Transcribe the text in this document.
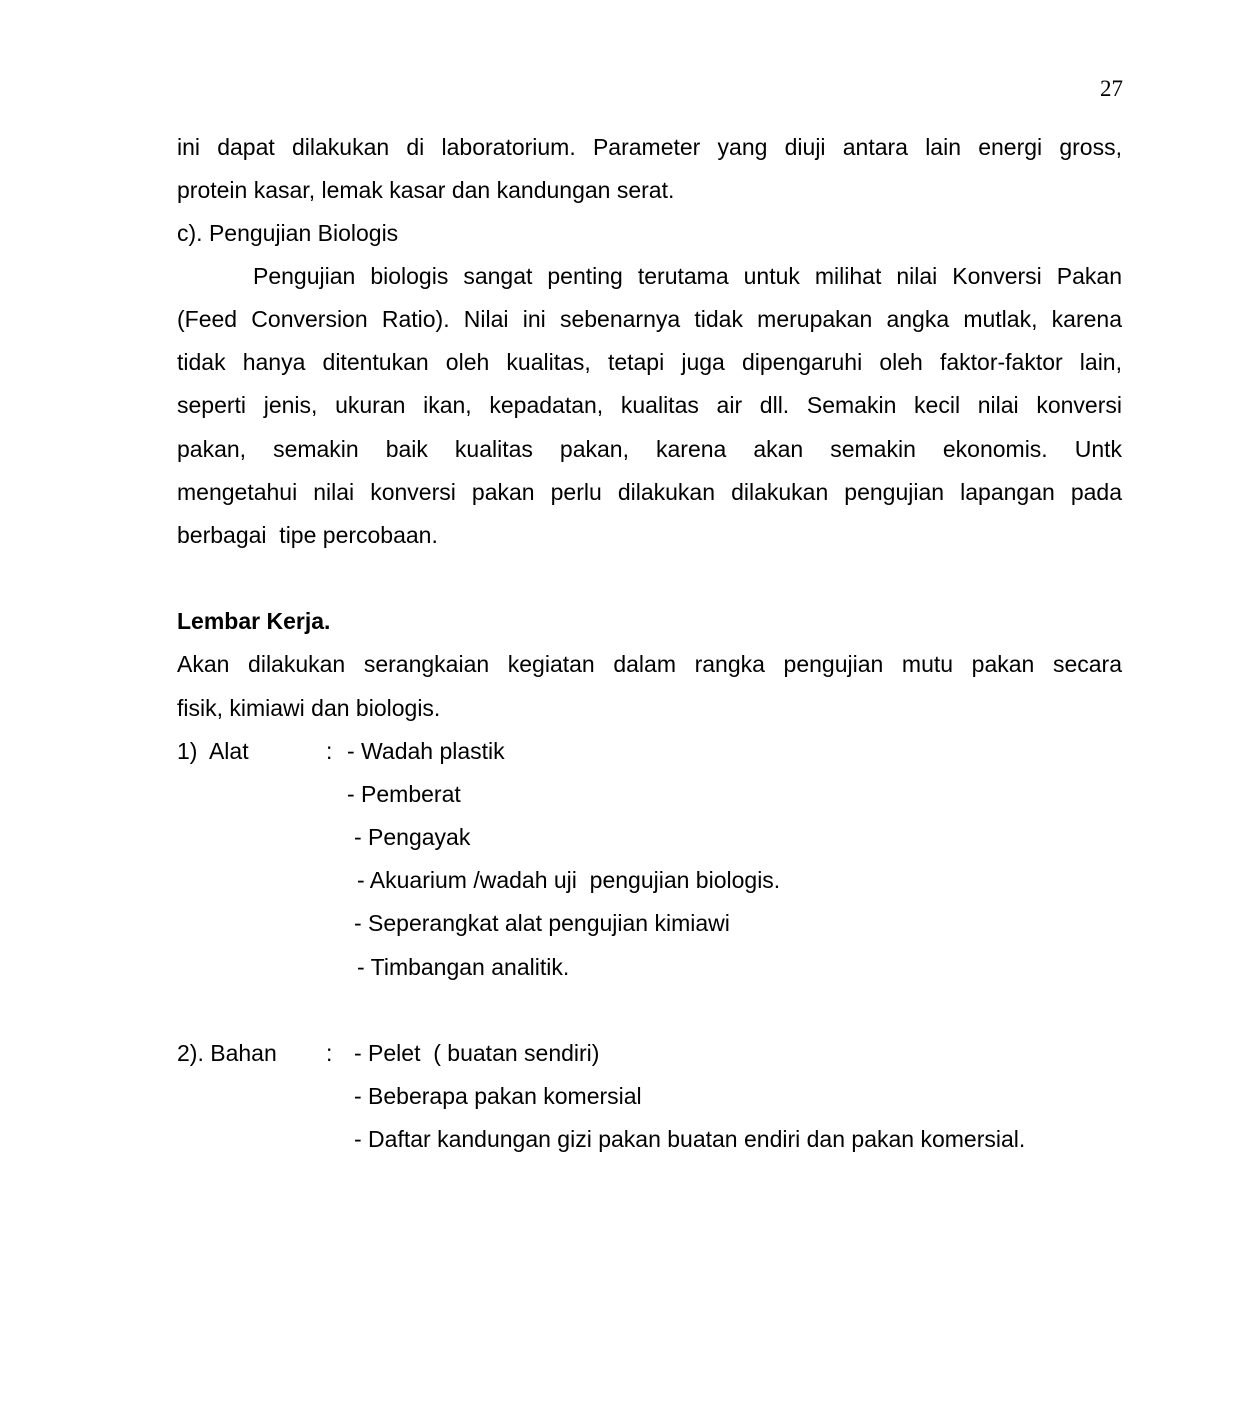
27
ini dapat dilakukan di laboratorium. Parameter yang diuji antara lain energi gross,
protein kasar, lemak kasar dan kandungan serat.
c). Pengujian Biologis
Pengujian biologis sangat penting terutama untuk milihat nilai Konversi Pakan
(Feed Conversion Ratio). Nilai ini sebenarnya tidak merupakan angka mutlak, karena
tidak hanya ditentukan oleh kualitas, tetapi juga dipengaruhi oleh faktor-faktor lain,
seperti jenis, ukuran ikan, kepadatan, kualitas air dll. Semakin kecil nilai konversi
pakan, semakin baik kualitas pakan, karena akan semakin ekonomis. Untk
mengetahui nilai konversi pakan perlu dilakukan dilakukan pengujian lapangan pada
berbagai  tipe percobaan.
Lembar Kerja.
Akan dilakukan serangkaian kegiatan dalam rangka pengujian mutu pakan secara
fisik, kimiawi dan biologis.
1)  Alat	: - Wadah plastik
- Pemberat
- Pengayak
- Akuarium /wadah uji  pengujian biologis.
- Seperangkat alat pengujian kimiawi
- Timbangan analitik.
2). Bahan : - Pelet  ( buatan sendiri)
- Beberapa pakan komersial
- Daftar kandungan gizi pakan buatan endiri dan pakan komersial.
